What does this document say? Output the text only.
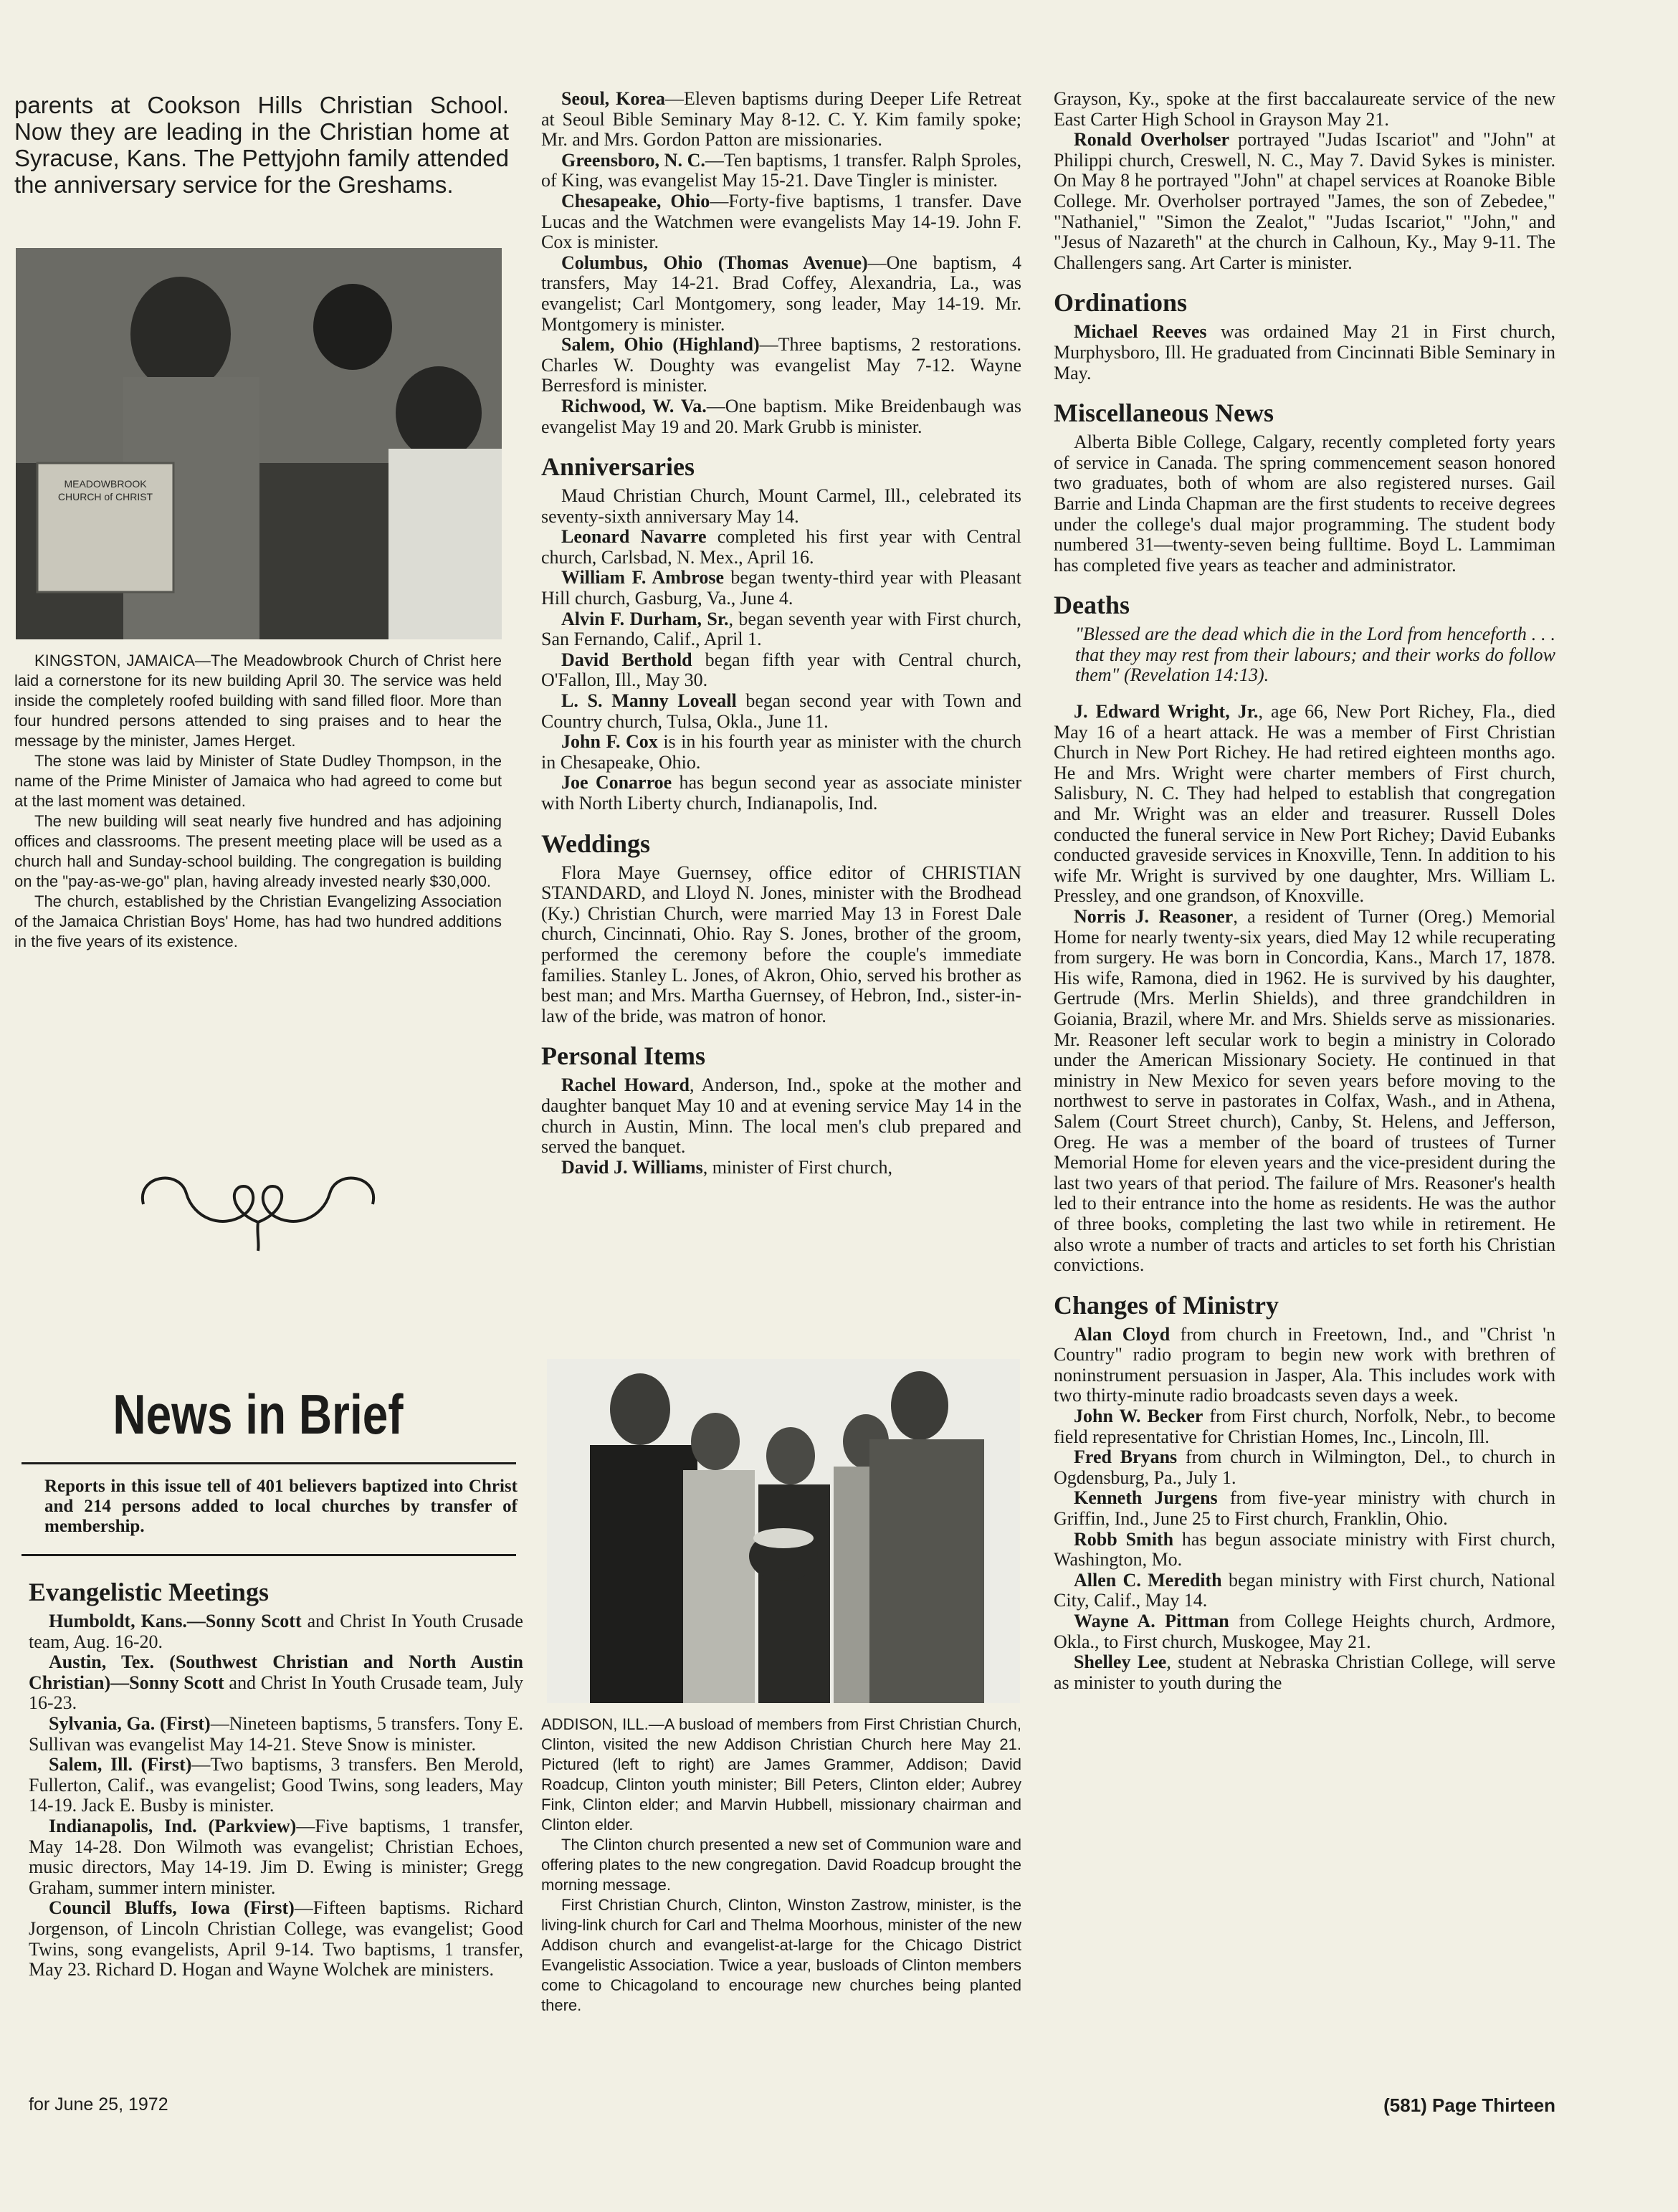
parents at Cookson Hills Christian School. Now they are leading in the Christian home at Syracuse, Kans. The Pettyjohn family attended the anniversary service for the Greshams.

MEADOWBROOK CHURCH of CHRIST

KINGSTON, JAMAICA—The Meadowbrook Church of Christ here laid a cornerstone for its new building April 30. The service was held inside the completely roofed building with sand filled floor. More than four hundred persons attended to sing praises and to hear the message by the minister, James Herget.

The stone was laid by Minister of State Dudley Thompson, in the name of the Prime Minister of Jamaica who had agreed to come but at the last moment was detained.

The new building will seat nearly five hundred and has adjoining offices and classrooms. The present meeting place will be used as a church hall and Sunday-school building. The congregation is building on the "pay-as-we-go" plan, having already invested nearly $30,000.

The church, established by the Christian Evangelizing Association of the Jamaica Christian Boys' Home, has had two hundred additions in the five years of its existence.

News in Brief

Reports in this issue tell of 401 believers baptized into Christ and 214 persons added to local churches by transfer of membership.

Evangelistic Meetings

Humboldt, Kans.—Sonny Scott and Christ In Youth Crusade team, Aug. 16-20.

Austin, Tex. (Southwest Christian and North Austin Christian)—Sonny Scott and Christ In Youth Crusade team, July 16-23.

Sylvania, Ga. (First)—Nineteen baptisms, 5 transfers. Tony E. Sullivan was evangelist May 14-21. Steve Snow is minister.

Salem, Ill. (First)—Two baptisms, 3 transfers. Ben Merold, Fullerton, Calif., was evangelist; Good Twins, song leaders, May 14-19. Jack E. Busby is minister.

Indianapolis, Ind. (Parkview)—Five baptisms, 1 transfer, May 14-28. Don Wilmoth was evangelist; Christian Echoes, music directors, May 14-19. Jim D. Ewing is minister; Gregg Graham, summer intern minister.

Council Bluffs, Iowa (First)—Fifteen baptisms. Richard Jorgenson, of Lincoln Christian College, was evangelist; Good Twins, song evangelists, April 9-14. Two baptisms, 1 transfer, May 23. Richard D. Hogan and Wayne Wolchek are ministers.

for June 25, 1972

Seoul, Korea—Eleven baptisms during Deeper Life Retreat at Seoul Bible Seminary May 8-12. C. Y. Kim family spoke; Mr. and Mrs. Gordon Patton are missionaries.

Greensboro, N. C.—Ten baptisms, 1 transfer. Ralph Sproles, of King, was evangelist May 15-21. Dave Tingler is minister.

Chesapeake, Ohio—Forty-five baptisms, 1 transfer. Dave Lucas and the Watchmen were evangelists May 14-19. John F. Cox is minister.

Columbus, Ohio (Thomas Avenue)—One baptism, 4 transfers, May 14-21. Brad Coffey, Alexandria, La., was evangelist; Carl Montgomery, song leader, May 14-19. Mr. Montgomery is minister.

Salem, Ohio (Highland)—Three baptisms, 2 restorations. Charles W. Doughty was evangelist May 7-12. Wayne Berresford is minister.

Richwood, W. Va.—One baptism. Mike Breidenbaugh was evangelist May 19 and 20. Mark Grubb is minister.

Anniversaries

Maud Christian Church, Mount Carmel, Ill., celebrated its seventy-sixth anniversary May 14.

Leonard Navarre completed his first year with Central church, Carlsbad, N. Mex., April 16.

William F. Ambrose began twenty-third year with Pleasant Hill church, Gasburg, Va., June 4.

Alvin F. Durham, Sr., began seventh year with First church, San Fernando, Calif., April 1.

David Berthold began fifth year with Central church, O'Fallon, Ill., May 30.

L. S. Manny Loveall began second year with Town and Country church, Tulsa, Okla., June 11.

John F. Cox is in his fourth year as minister with the church in Chesapeake, Ohio.

Joe Conarroe has begun second year as associate minister with North Liberty church, Indianapolis, Ind.

Weddings

Flora Maye Guernsey, office editor of CHRISTIAN STANDARD, and Lloyd N. Jones, minister with the Brodhead (Ky.) Christian Church, were married May 13 in Forest Dale church, Cincinnati, Ohio. Ray S. Jones, brother of the groom, performed the ceremony before the couple's immediate families. Stanley L. Jones, of Akron, Ohio, served his brother as best man; and Mrs. Martha Guernsey, of Hebron, Ind., sister-in-law of the bride, was matron of honor.

Personal Items

Rachel Howard, Anderson, Ind., spoke at the mother and daughter banquet May 10 and at evening service May 14 in the church in Austin, Minn. The local men's club prepared and served the banquet.

David J. Williams, minister of First church,

ADDISON, ILL.—A busload of members from First Christian Church, Clinton, visited the new Addison Christian Church here May 21. Pictured (left to right) are James Grammer, Addison; David Roadcup, Clinton youth minister; Bill Peters, Clinton elder; Aubrey Fink, Clinton elder; and Marvin Hubbell, missionary chairman and Clinton elder.

The Clinton church presented a new set of Communion ware and offering plates to the new congregation. David Roadcup brought the morning message.

First Christian Church, Clinton, Winston Zastrow, minister, is the living-link church for Carl and Thelma Moorhous, minister of the new Addison church and evangelist-at-large for the Chicago District Evangelistic Association. Twice a year, busloads of Clinton members come to Chicagoland to encourage new churches being planted there.

Grayson, Ky., spoke at the first baccalaureate service of the new East Carter High School in Grayson May 21.

Ronald Overholser portrayed "Judas Iscariot" and "John" at Philippi church, Creswell, N. C., May 7. David Sykes is minister. On May 8 he portrayed "John" at chapel services at Roanoke Bible College. Mr. Overholser portrayed "James, the son of Zebedee," "Nathaniel," "Simon the Zealot," "Judas Iscariot," "John," and "Jesus of Nazareth" at the church in Calhoun, Ky., May 9-11. The Challengers sang. Art Carter is minister.

Ordinations

Michael Reeves was ordained May 21 in First church, Murphysboro, Ill. He graduated from Cincinnati Bible Seminary in May.

Miscellaneous News

Alberta Bible College, Calgary, recently completed forty years of service in Canada. The spring commencement season honored two graduates, both of whom are also registered nurses. Gail Barrie and Linda Chapman are the first students to receive degrees under the college's dual major programming. The student body numbered 31—twenty-seven being fulltime. Boyd L. Lammiman has completed five years as teacher and administrator.

Deaths

"Blessed are the dead which die in the Lord from henceforth . . . that they may rest from their labours; and their works do follow them" (Revelation 14:13).

J. Edward Wright, Jr., age 66, New Port Richey, Fla., died May 16 of a heart attack. He was a member of First Christian Church in New Port Richey. He had retired eighteen months ago. He and Mrs. Wright were charter members of First church, Salisbury, N. C. They had helped to establish that congregation and Mr. Wright was an elder and treasurer. Russell Doles conducted the funeral service in New Port Richey; David Eubanks conducted graveside services in Knoxville, Tenn. In addition to his wife Mr. Wright is survived by one daughter, Mrs. William L. Pressley, and one grandson, of Knoxville.

Norris J. Reasoner, a resident of Turner (Oreg.) Memorial Home for nearly twenty-six years, died May 12 while recuperating from surgery. He was born in Concordia, Kans., March 17, 1878. His wife, Ramona, died in 1962. He is survived by his daughter, Gertrude (Mrs. Merlin Shields), and three grandchildren in Goiania, Brazil, where Mr. and Mrs. Shields serve as missionaries. Mr. Reasoner left secular work to begin a ministry in Colorado under the American Missionary Society. He continued in that ministry in New Mexico for seven years before moving to the northwest to serve in pastorates in Colfax, Wash., and in Athena, Salem (Court Street church), Canby, St. Helens, and Jefferson, Oreg. He was a member of the board of trustees of Turner Memorial Home for eleven years and the vice-president during the last two years of that period. The failure of Mrs. Reasoner's health led to their entrance into the home as residents. He was the author of three books, completing the last two while in retirement. He also wrote a number of tracts and articles to set forth his Christian convictions.

Changes of Ministry

Alan Cloyd from church in Freetown, Ind., and "Christ 'n Country" radio program to begin new work with brethren of noninstrument persuasion in Jasper, Ala. This includes work with two thirty-minute radio broadcasts seven days a week.

John W. Becker from First church, Norfolk, Nebr., to become field representative for Christian Homes, Inc., Lincoln, Ill.

Fred Bryans from church in Wilmington, Del., to church in Ogdensburg, Pa., July 1.

Kenneth Jurgens from five-year ministry with church in Griffin, Ind., June 25 to First church, Franklin, Ohio.

Robb Smith has begun associate ministry with First church, Washington, Mo.

Allen C. Meredith began ministry with First church, National City, Calif., May 14.

Wayne A. Pittman from College Heights church, Ardmore, Okla., to First church, Muskogee, May 21.

Shelley Lee, student at Nebraska Christian College, will serve as minister to youth during the

(581) Page Thirteen
